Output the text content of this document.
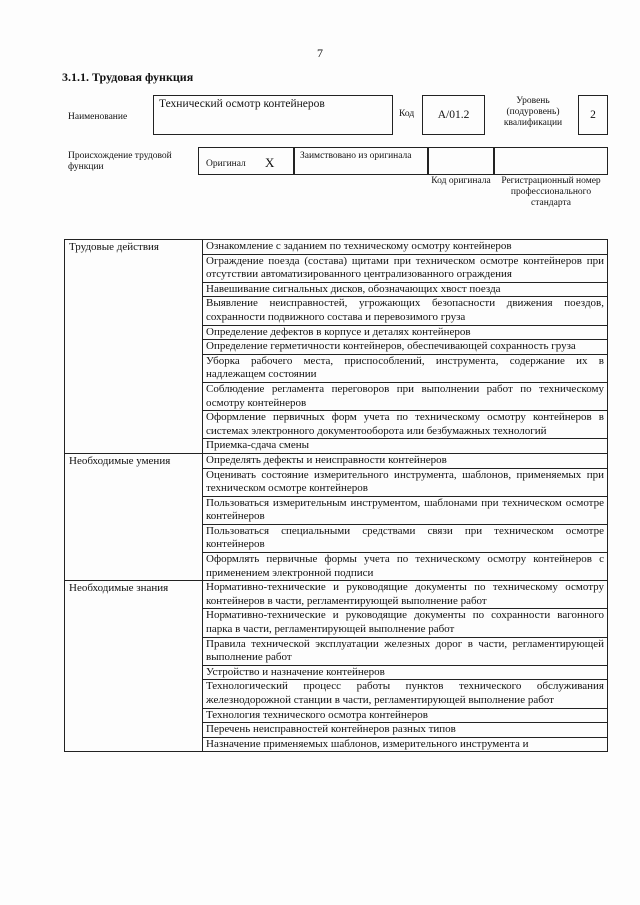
7
3.1.1. Трудовая функция
Наименование
Технический осмотр контейнеров
Код	А/01.2
Уровень (подуровень) квалификации
2
Происхождение трудовой функции	Оригинал X	Заимствовано из оригинала
Код оригинала	Регистрационный номер профессионального стандарта
Трудовые действия	Ознакомление с заданием по техническому осмотру контейнеров
	Ограждение поезда (состава) щитами при техническом осмотре контейнеров при отсутствии автоматизированного централизованного ограждения
	Навешивание сигнальных дисков, обозначающих хвост поезда
	Выявление неисправностей, угрожающих безопасности движения поездов, сохранности подвижного состава и перевозимого груза
	Определение дефектов в корпусе и деталях контейнеров
	Определение герметичности контейнеров, обеспечивающей сохранность груза
	Уборка рабочего места, приспособлений, инструмента, содержание их в надлежащем состоянии
	Соблюдение регламента переговоров при выполнении работ по техническому осмотру контейнеров
	Оформление первичных форм учета по техническому осмотру контейнеров в системах электронного документооборота или безбумажных технологий
	Приемка-сдача смены
Необходимые умения	Определять дефекты и неисправности контейнеров
	Оценивать состояние измерительного инструмента, шаблонов, применяемых при техническом осмотре контейнеров
	Пользоваться измерительным инструментом, шаблонами при техническом осмотре контейнеров
	Пользоваться специальными средствами связи при техническом осмотре контейнеров
	Оформлять первичные формы учета по техническому осмотру контейнеров с применением электронной подписи
Необходимые знания	Нормативно-технические и руководящие документы по техническому осмотру контейнеров в части, регламентирующей выполнение работ
	Нормативно-технические и руководящие документы по сохранности вагонного парка в части, регламентирующей выполнение работ
	Правила технической эксплуатации железных дорог в части, регламентирующей выполнение работ
	Устройство и назначение контейнеров
	Технологический процесс работы пунктов технического обслуживания железнодорожной станции в части, регламентирующей выполнение работ
	Технология технического осмотра контейнеров
	Перечень неисправностей контейнеров разных типов
	Назначение применяемых шаблонов, измерительного инструмента и
